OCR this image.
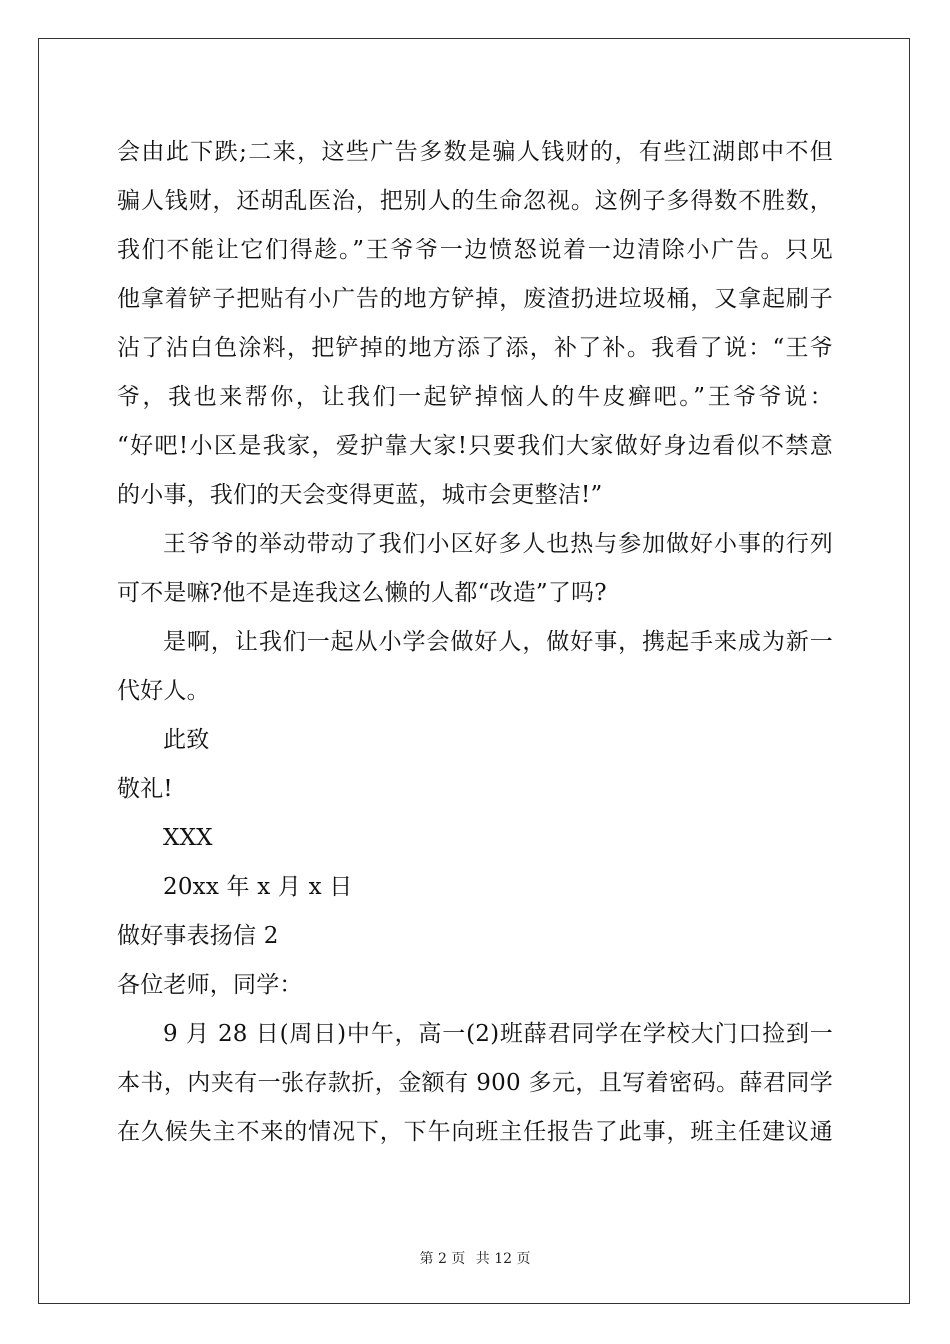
会由此下跌;二来，这些广告多数是骗人钱财的，有些江湖郎中不但
骗人钱财，还胡乱医治，把别人的生命忽视。这例子多得数不胜数，
我们不能让它们得趁。”王爷爷一边愤怒说着一边清除小广告。只见
他拿着铲子把贴有小广告的地方铲掉，废渣扔进垃圾桶，又拿起刷子
沾了沾白色涂料，把铲掉的地方添了添，补了补。我看了说：“王爷
爷，我也来帮你，让我们一起铲掉恼人的牛皮癣吧。”王爷爷说：
“好吧!小区是我家，爱护靠大家!只要我们大家做好身边看似不禁意
的小事，我们的天会变得更蓝，城市会更整洁!”
王爷爷的举动带动了我们小区好多人也热与参加做好小事的行列
可不是嘛?他不是连我这么懒的人都“改造”了吗?
是啊，让我们一起从小学会做好人，做好事，携起手来成为新一
代好人。
此致
敬礼!
XXX
20xx 年 x 月 x 日
做好事表扬信 2
各位老师，同学：
9 月 28 日(周日)中午，高一(2)班薛君同学在学校大门口捡到一
本书，内夹有一张存款折，金额有 900 多元，且写着密码。薛君同学
在久候失主不来的情况下，下午向班主任报告了此事，班主任建议通
第 2 页 共 12 页
